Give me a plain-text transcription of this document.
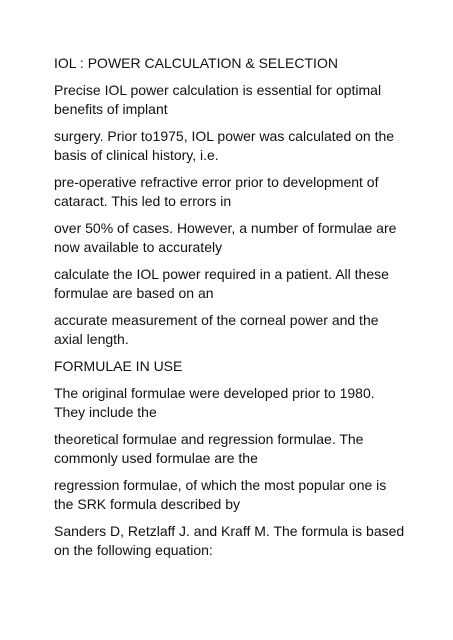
IOL : POWER CALCULATION & SELECTION

Precise IOL power calculation is essential for optimal
benefits of implant

surgery. Prior to1975, IOL power was calculated on the
basis of clinical history, i.e.

pre-operative refractive error prior to development of
cataract. This led to errors in

over 50% of cases. However, a number of formulae are
now available to accurately

calculate the IOL power required in a patient. All these
formulae are based on an

accurate measurement of the corneal power and the
axial length.

FORMULAE IN USE

The original formulae were developed prior to 1980.
They include the

theoretical formulae and regression formulae. The
commonly used formulae are the

regression formulae, of which the most popular one is
the SRK formula described by

Sanders D, Retzlaff J. and Kraff M. The formula is based
on the following equation:
